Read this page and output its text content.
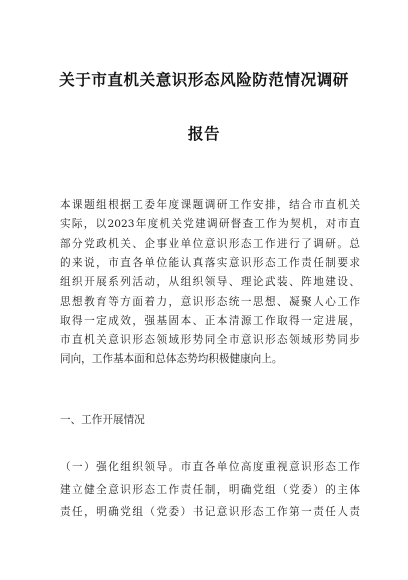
关于市直机关意识形态风险防范情况调研
报告
本课题组根据工委年度课题调研工作安排，结合市直机关
实际，以2023年度机关党建调研督查工作为契机，对市直
部分党政机关、企事业单位意识形态工作进行了调研。总
的来说，市直各单位能认真落实意识形态工作责任制要求
组织开展系列活动，从组织领导、理论武装、阵地建设、
思想教育等方面着力，意识形态统一思想、凝聚人心工作
取得一定成效，强基固本、正本清源工作取得一定进展，
市直机关意识形态领域形势同全市意识形态领域形势同步
同向，工作基本面和总体态势均积极健康向上。
一、工作开展情况
（一）强化组织领导。市直各单位高度重视意识形态工作
建立健全意识形态工作责任制，明确党组（党委）的主体
责任，明确党组（党委）书记意识形态工作第一责任人责
